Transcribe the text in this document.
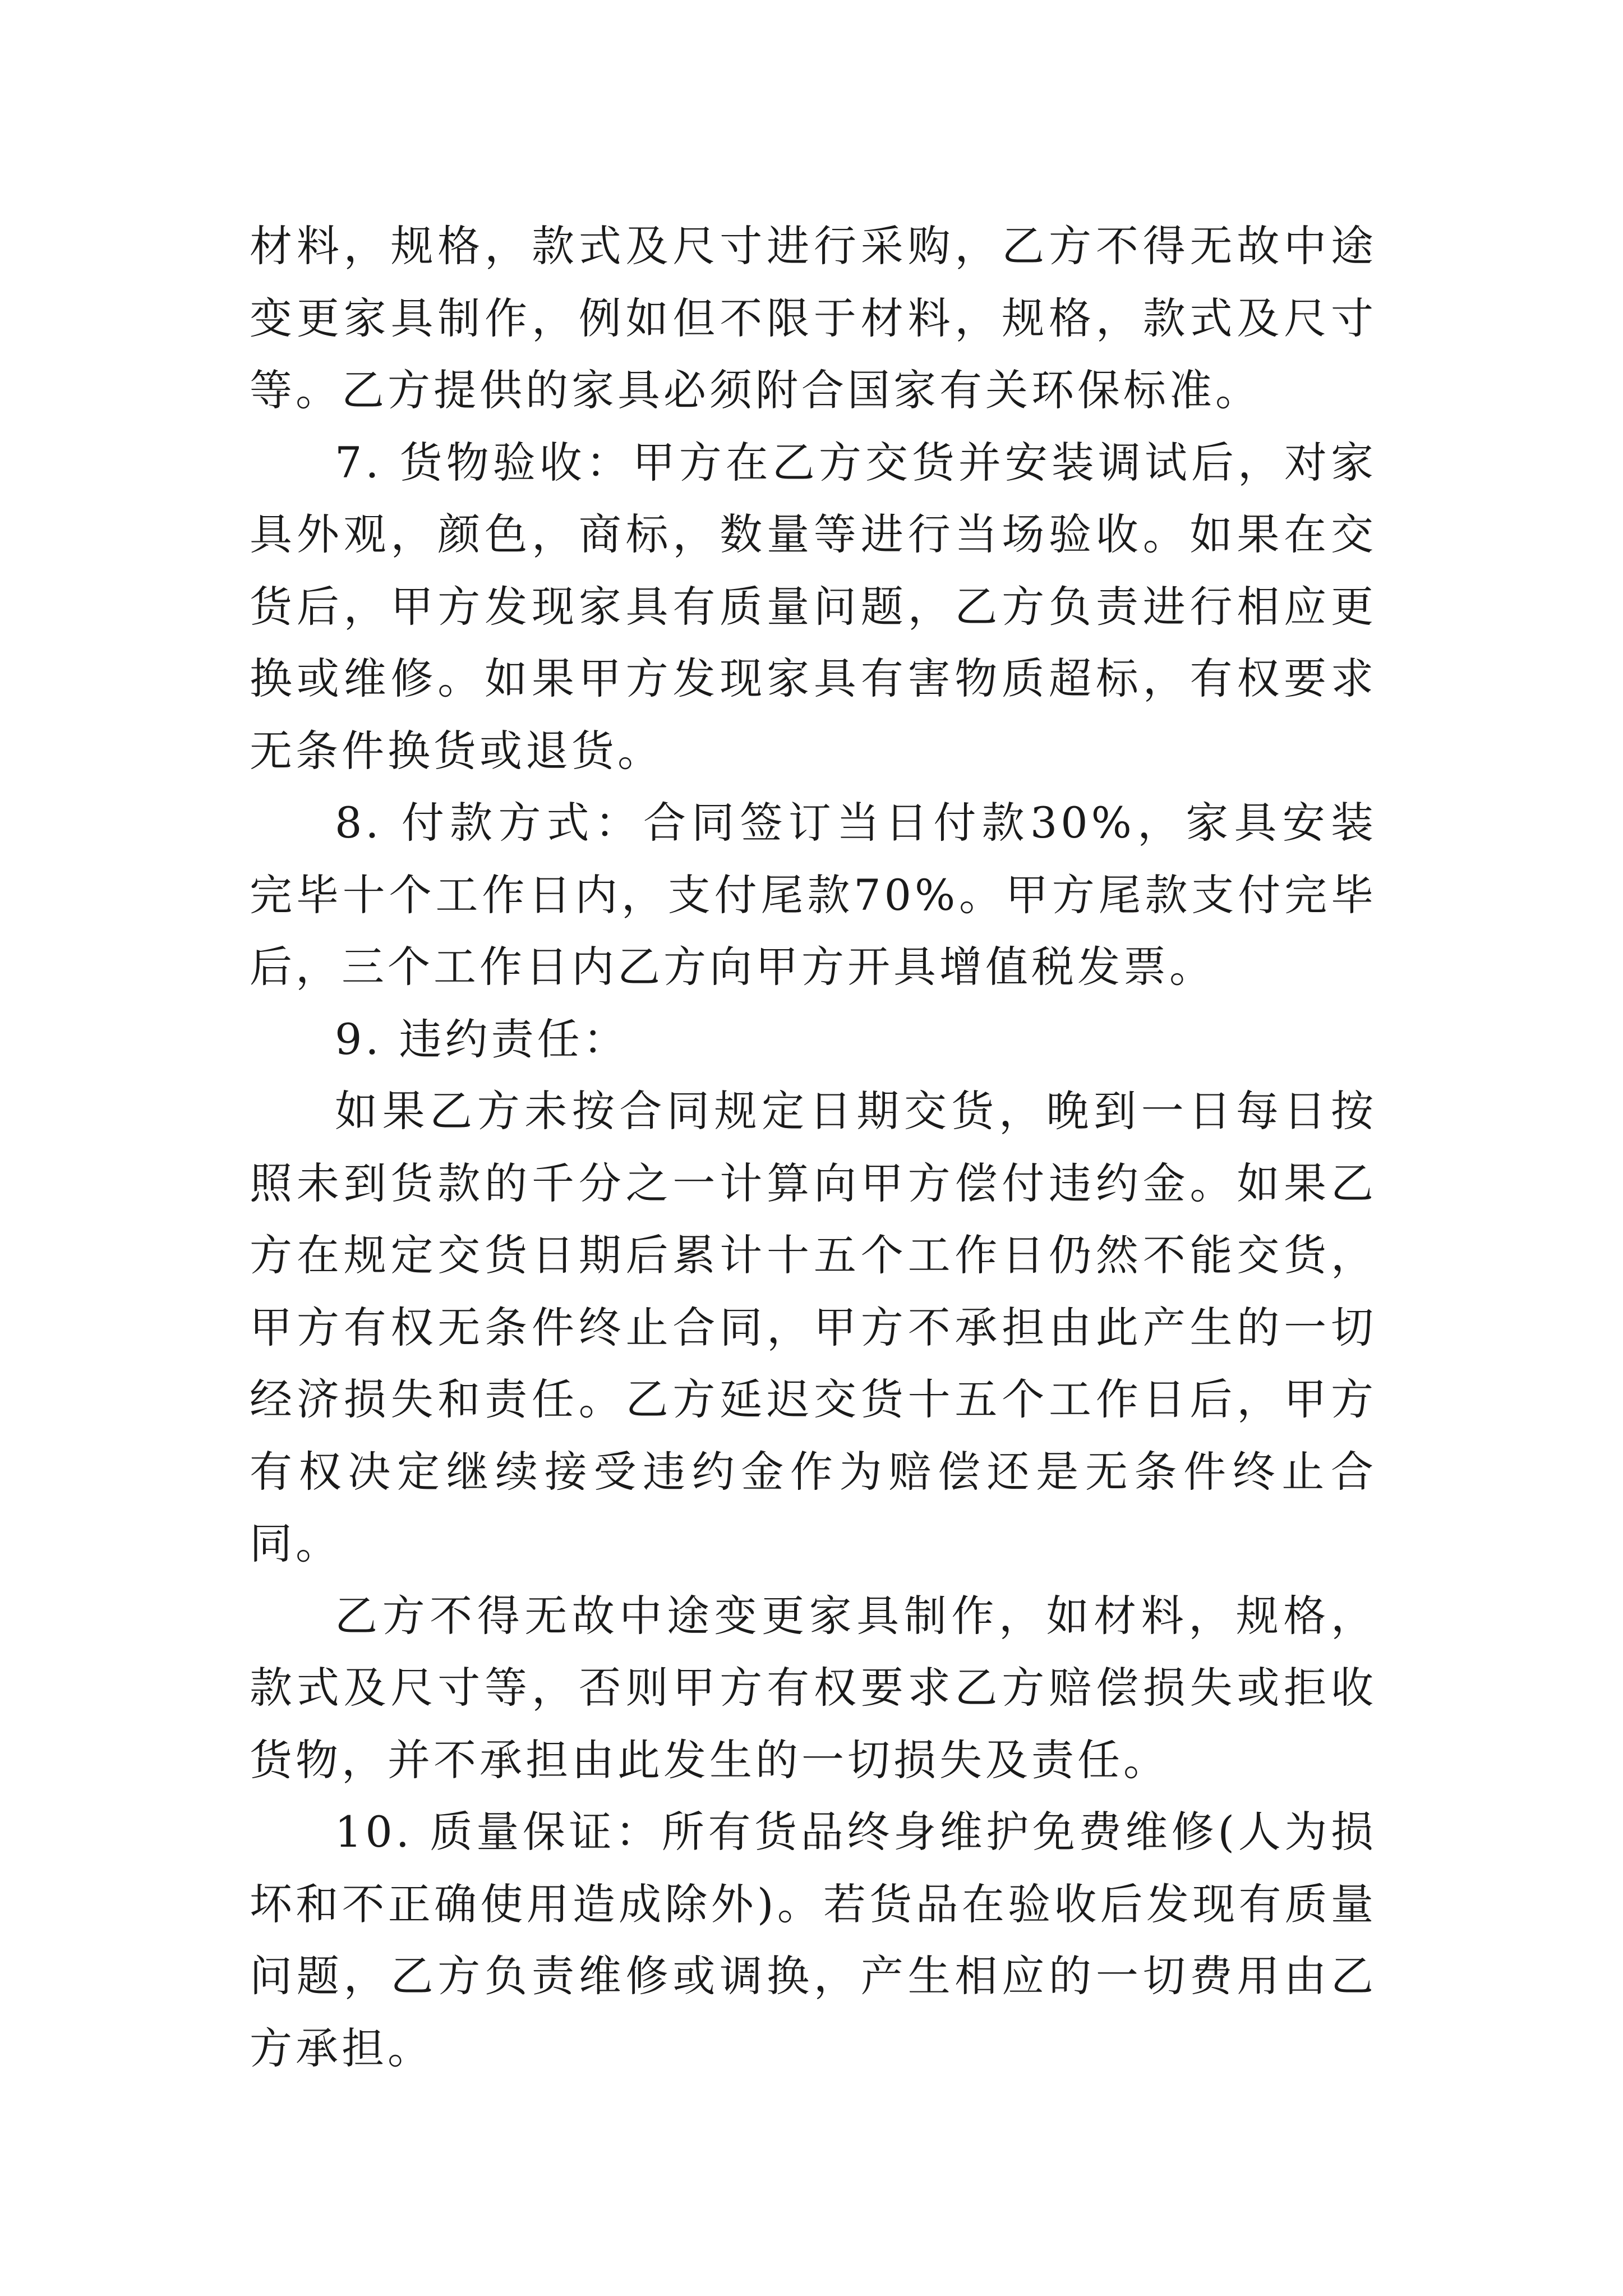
材料，规格，款式及尺寸进行采购，乙方不得无故中途变更家具制作，例如但不限于材料，规格，款式及尺寸等。乙方提供的家具必须附合国家有关环保标准。

7. 货物验收：甲方在乙方交货并安装调试后，对家具外观，颜色，商标，数量等进行当场验收。如果在交货后，甲方发现家具有质量问题，乙方负责进行相应更换或维修。如果甲方发现家具有害物质超标，有权要求无条件换货或退货。

8. 付款方式：合同签订当日付款30%，家具安装完毕十个工作日内，支付尾款70%。甲方尾款支付完毕后，三个工作日内乙方向甲方开具增值税发票。

9. 违约责任：

如果乙方未按合同规定日期交货，晚到一日每日按照未到货款的千分之一计算向甲方偿付违约金。如果乙方在规定交货日期后累计十五个工作日仍然不能交货，甲方有权无条件终止合同，甲方不承担由此产生的一切经济损失和责任。乙方延迟交货十五个工作日后，甲方有权决定继续接受违约金作为赔偿还是无条件终止合同。

乙方不得无故中途变更家具制作，如材料，规格，款式及尺寸等，否则甲方有权要求乙方赔偿损失或拒收货物，并不承担由此发生的一切损失及责任。

10. 质量保证：所有货品终身维护免费维修(人为损坏和不正确使用造成除外)。若货品在验收后发现有质量问题，乙方负责维修或调换，产生相应的一切费用由乙方承担。
